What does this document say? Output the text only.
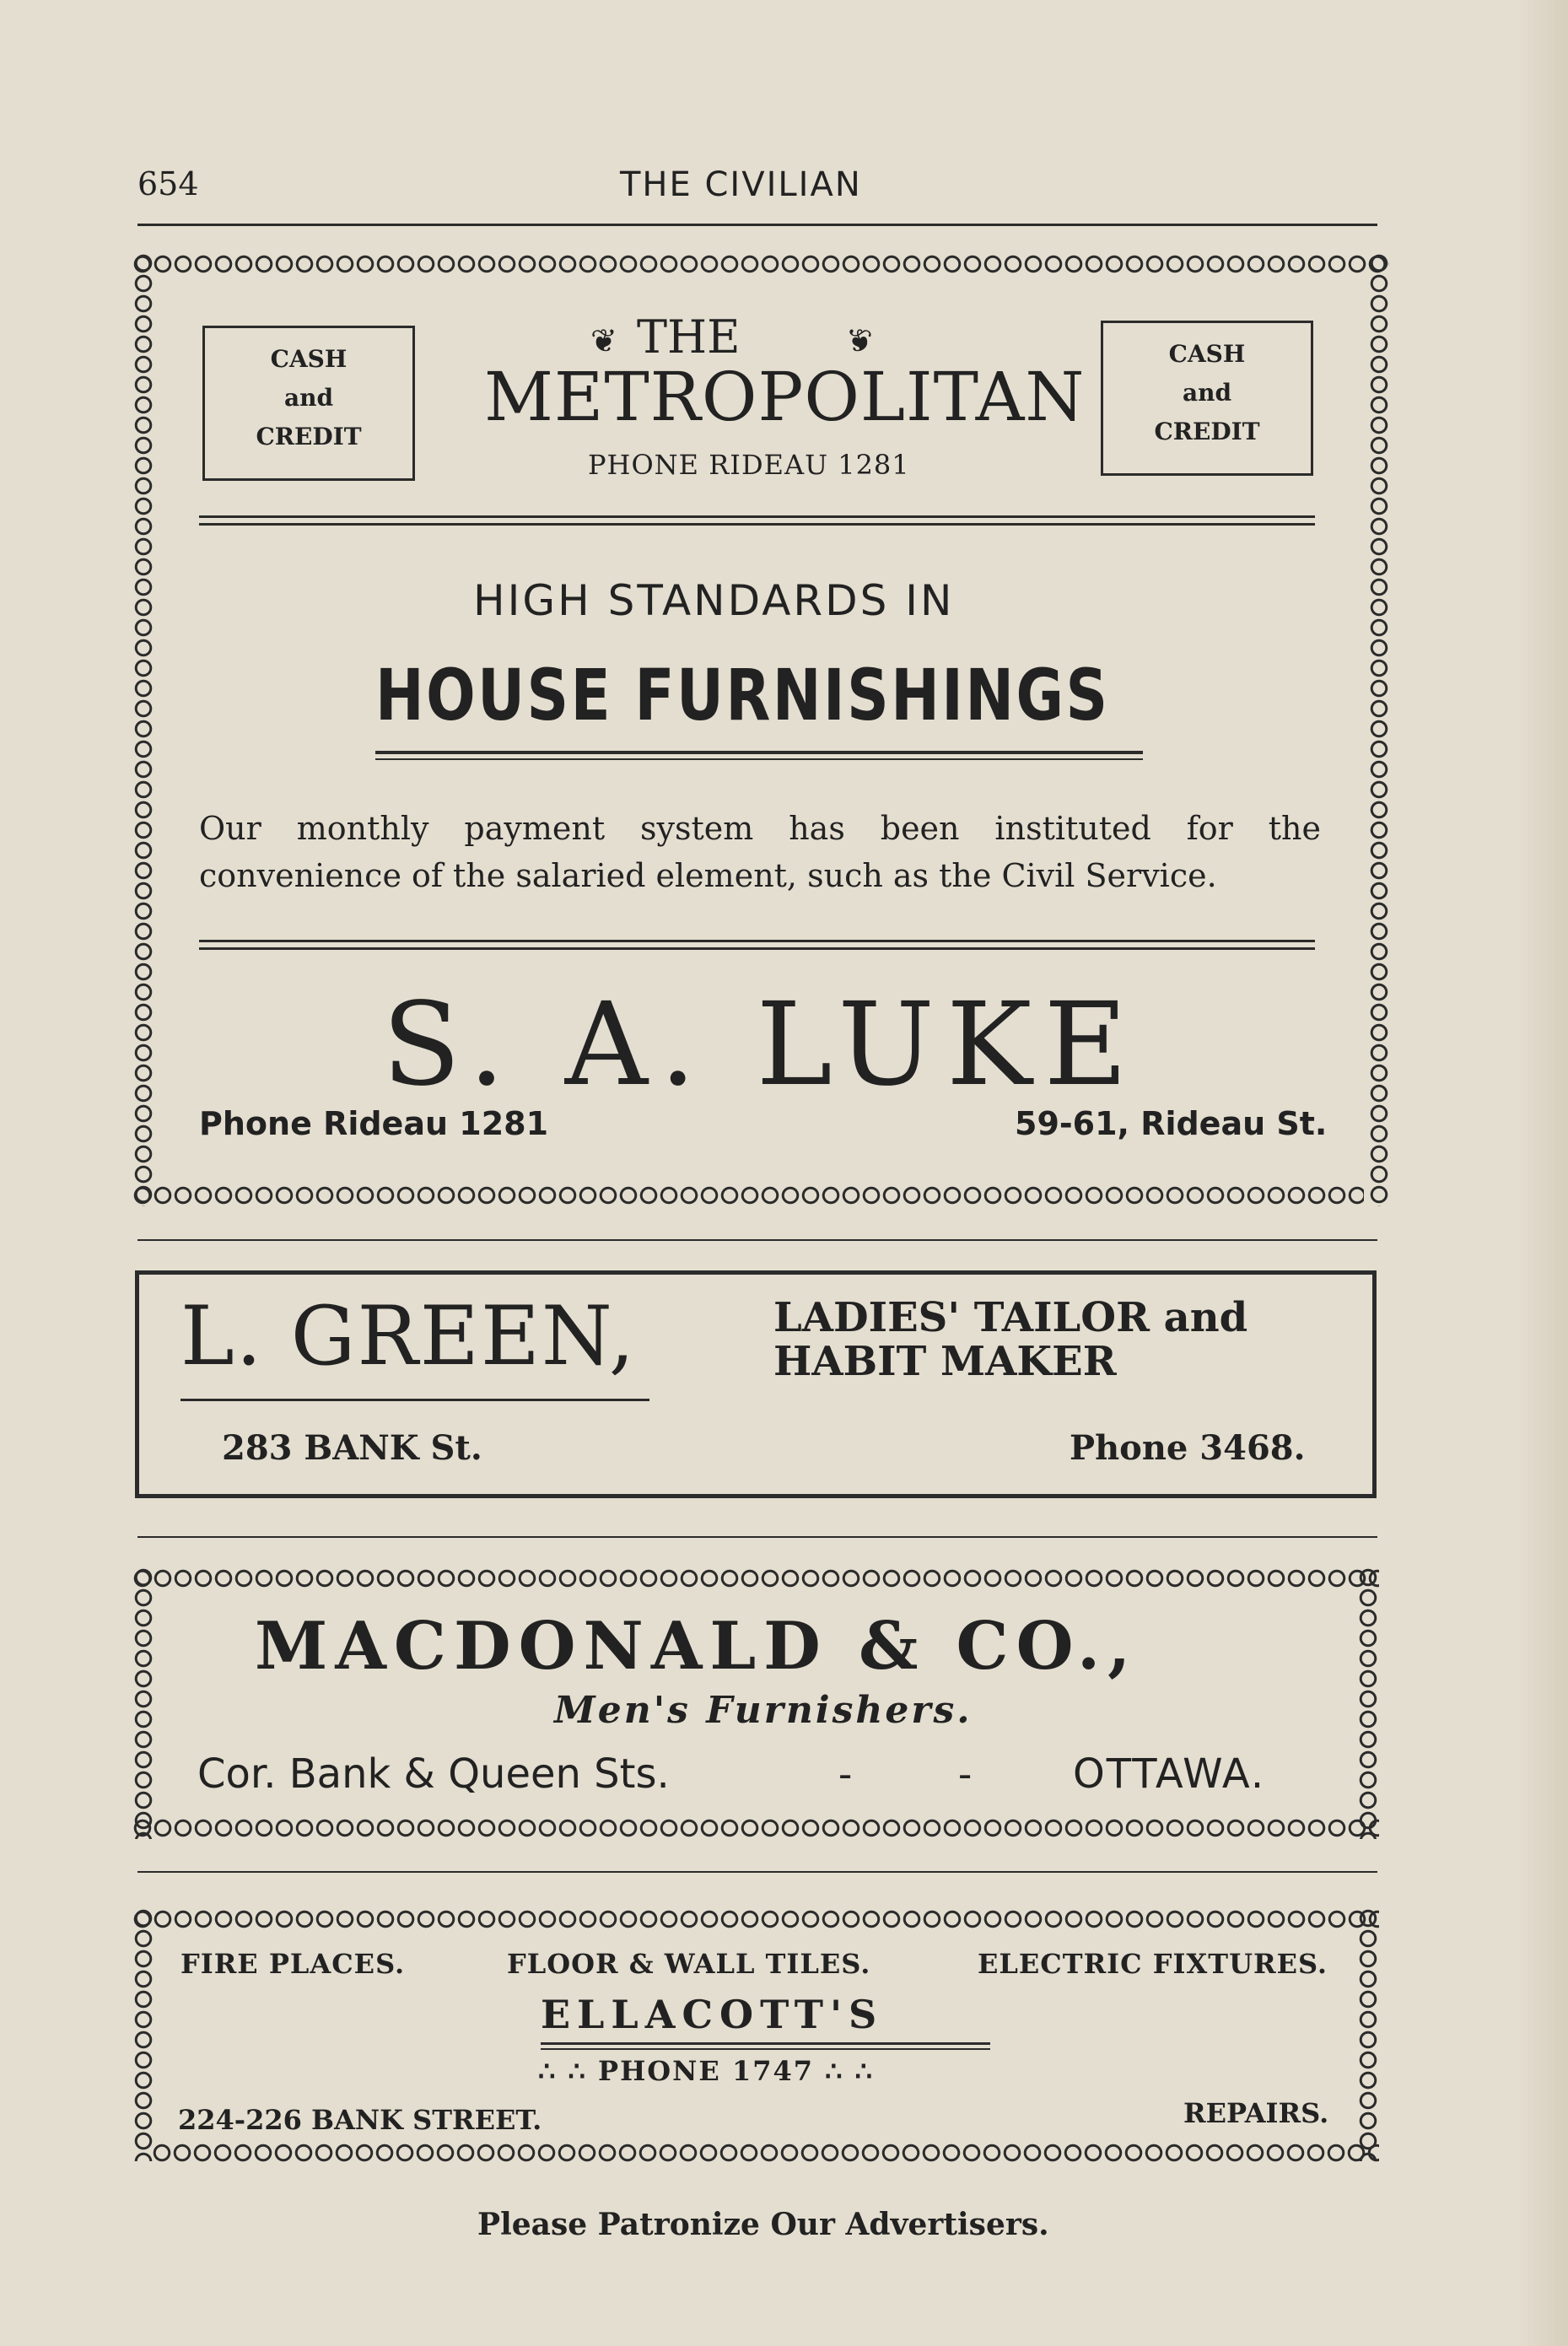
654	THE CIVILIAN
CASH
and
CREDIT
CASH
and
CREDIT
❦ THE	❦
METROPOLITAN
PHONE RIDEAU 1281
HIGH STANDARDS IN
HOUSE FURNISHINGS
Our monthly payment system has been instituted for the convenience of the salaried element, such as the Civil Service.
S. A. LUKE
Phone Rideau 1281	59-61, Rideau St.
L. GREEN,	LADIES' TAILOR and
HABIT MAKER
283 BANK St.	Phone 3468.
MACDONALD & CO.,
Men's Furnishers.
Cor. Bank & Queen Sts.	-	- OTTAWA.
FIRE PLACES.	FLOOR & WALL TILES.	ELECTRIC FIXTURES.
ELLACOTT'S
∴ ∴ PHONE 1747 ∴ ∴
224-226 BANK STREET.	REPAIRS.
Please Patronize Our Advertisers.
